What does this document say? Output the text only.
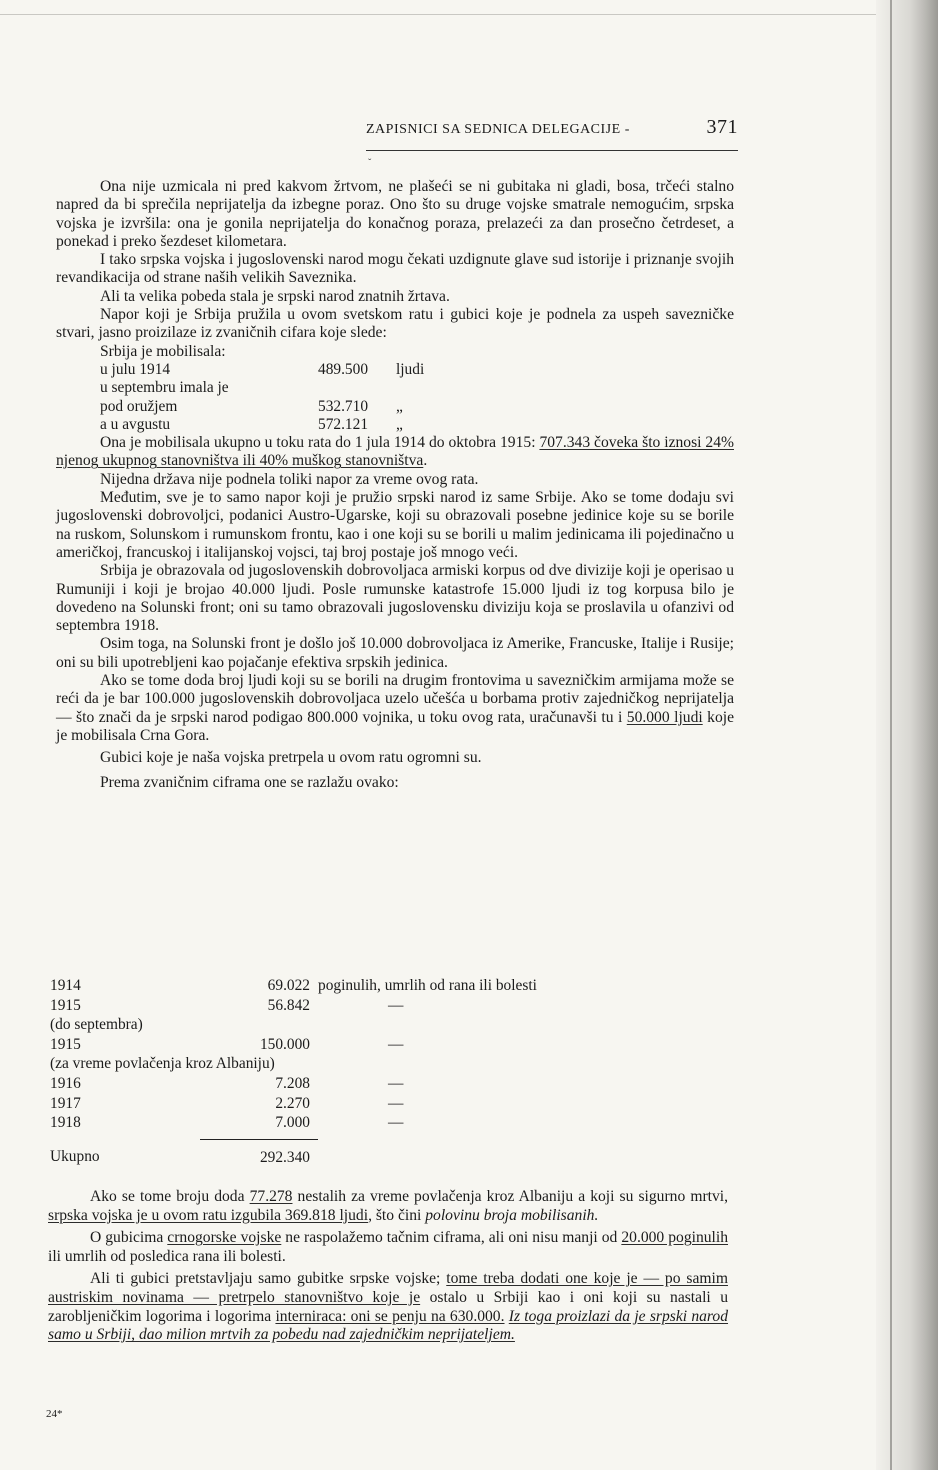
ZAPISNICI SA SEDNICA DELEGACIJE -	371
ˇ

Ona nije uzmicala ni pred kakvom žrtvom, ne plašeći se ni gubitaka ni gladi, bosa, trčeći stalno napred da bi sprečila neprijatelja da izbegne poraz. Ono što su druge vojske smatrale nemogućim, srpska vojska je izvršila: ona je gonila neprijatelja do konačnog poraza, prelazeći za dan prosečno četrdeset, a ponekad i preko šezdeset kilometara.

I tako srpska vojska i jugoslovenski narod mogu čekati uzdignute glave sud istorije i priznanje svojih revandikacija od strane naših velikih Saveznika.

Ali ta velika pobeda stala je srpski narod znatnih žrtava.

Napor koji je Srbija pružila u ovom svetskom ratu i gubici koje je podnela za uspeh savezničke stvari, jasno proizilaze iz zvaničnih cifara koje slede:

Srbija je mobilisala:

u julu 1914	489.500	ljudi
u septembru imala je		
pod oružjem	532.710	„
a u avgustu	572.121	„

Ona je mobilisala ukupno u toku rata do 1 jula 1914 do oktobra 1915: 707.343 čoveka što iznosi 24% njenog ukupnog stanovništva ili 40% muškog stanovništva.

Nijedna država nije podnela toliki napor za vreme ovog rata.

Međutim, sve je to samo napor koji je pružio srpski narod iz same Srbije. Ako se tome dodaju svi jugoslovenski dobrovoljci, podanici Austro-Ugarske, koji su obrazovali posebne jedinice koje su se borile na ruskom, Solunskom i rumunskom frontu, kao i one koji su se borili u malim jedinicama ili pojedinačno u američkoj, francuskoj i italijanskoj vojsci, taj broj postaje još mnogo veći.

Srbija je obrazovala od jugoslovenskih dobrovoljaca armiski korpus od dve divizije koji je operisao u Rumuniji i koji je brojao 40.000 ljudi. Posle rumunske katastrofe 15.000 ljudi iz tog korpusa bilo je dovedeno na Solunski front; oni su tamo obrazovali jugoslovensku diviziju koja se proslavila u ofanzivi od septembra 1918.

Osim toga, na Solunski front je došlo još 10.000 dobrovoljaca iz Amerike, Francuske, Italije i Rusije; oni su bili upotrebljeni kao pojačanje efektiva srpskih jedinica.

Ako se tome doda broj ljudi koji su se borili na drugim frontovima u savezničkim armijama može se reći da je bar 100.000 jugoslovenskih dobrovoljaca uzelo učešća u borbama protiv zajedničkog neprijatelja — što znači da je srpski narod podigao 800.000 vojnika, u toku ovog rata, uračunavši tu i 50.000 ljudi koje je mobilisala Crna Gora.

Gubici koje je naša vojska pretrpela u ovom ratu ogromni su.

Prema zvaničnim ciframa one se razlažu ovako:

1914	69.022	poginulih, umrlih od rana ili bolesti
1915	56.842	—
(do septembra)		
1915	150.000	—
(za vreme povlačenja kroz Albaniju)		
1916	7.208	—
1917	2.270	—
1918	7.000	—

Ukupno	292.340	

Ako se tome broju doda 77.278 nestalih za vreme povlačenja kroz Albaniju a koji su sigurno mrtvi, srpska vojska je u ovom ratu izgubila 369.818 ljudi, što čini polovinu broja mobilisanih.

O gubicima crnogorske vojske ne raspolažemo tačnim ciframa, ali oni nisu manji od 20.000 poginulih ili umrlih od posledica rana ili bolesti.

Ali ti gubici pretstavljaju samo gubitke srpske vojske; tome treba dodati one koje je — po samim austriskim novinama — pretrpelo stanovništvo koje je ostalo u Srbiji kao i oni koji su nastali u zarobljeničkim logorima i logorima interniraca: oni se penju na 630.000. Iz toga proizlazi da je srpski narod samo u Srbiji, dao milion mrtvih za pobedu nad zajedničkim neprijateljem.

24*
